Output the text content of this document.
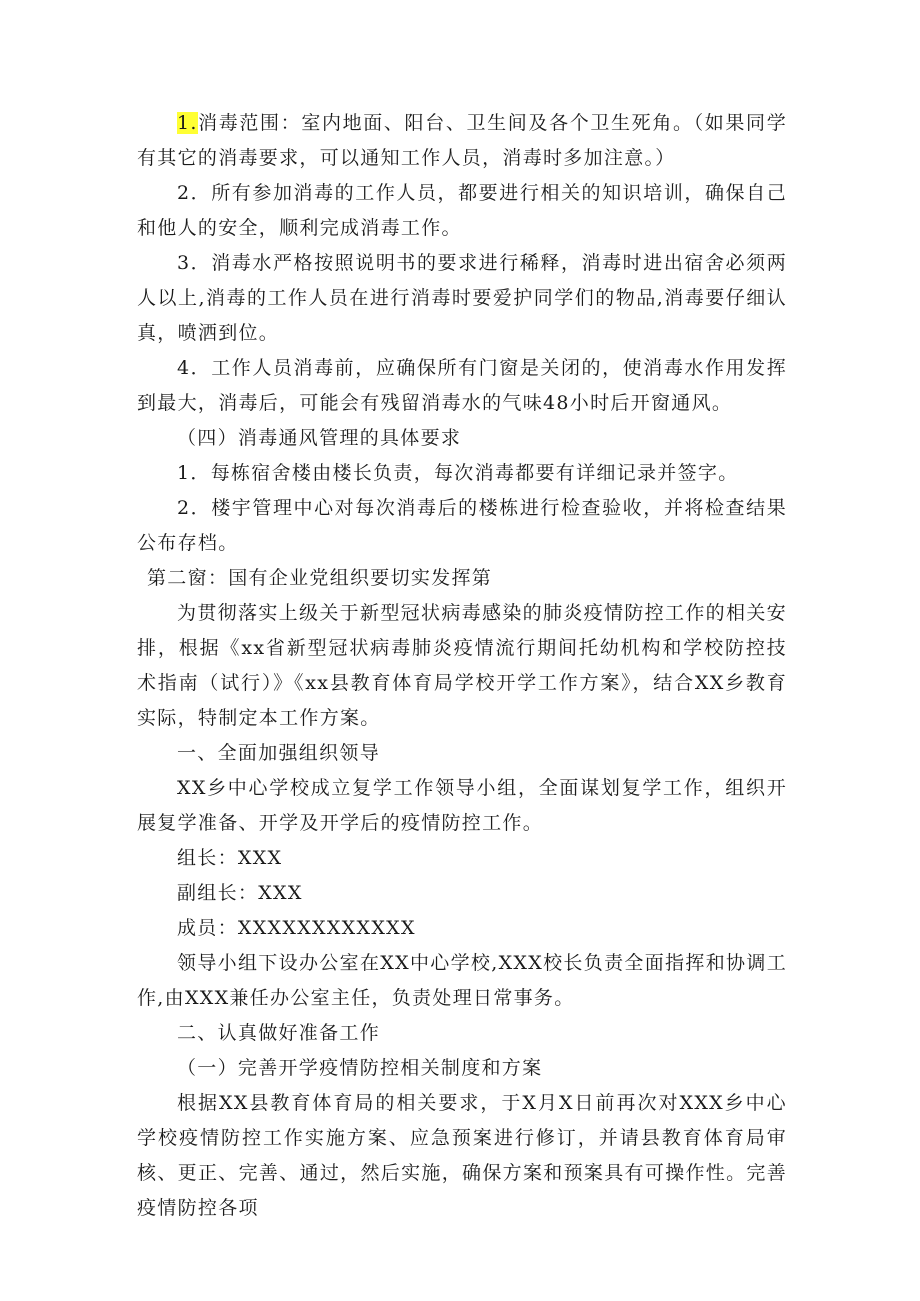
1.消毒范围：室内地面、阳台、卫生间及各个卫生死角。（如果同学有其它的消毒要求，可以通知工作人员，消毒时多加注意。）

2．所有参加消毒的工作人员，都要进行相关的知识培训，确保自己和他人的安全，顺利完成消毒工作。

3．消毒水严格按照说明书的要求进行稀释，消毒时进出宿舍必须两人以上,消毒的工作人员在进行消毒时要爱护同学们的物品,消毒要仔细认真，喷洒到位。

4．工作人员消毒前，应确保所有门窗是关闭的，使消毒水作用发挥到最大，消毒后，可能会有残留消毒水的气味48小时后开窗通风。

（四）消毒通风管理的具体要求

1．每栋宿舍楼由楼长负责，每次消毒都要有详细记录并签字。

2．楼宇管理中心对每次消毒后的楼栋进行检查验收，并将检查结果公布存档。

第二窗：国有企业党组织要切实发挥第

为贯彻落实上级关于新型冠状病毒感染的肺炎疫情防控工作的相关安排，根据《xx省新型冠状病毒肺炎疫情流行期间托幼机构和学校防控技术指南（试行）》《xx县教育体育局学校开学工作方案》，结合XX乡教育实际，特制定本工作方案。

一、全面加强组织领导

XX乡中心学校成立复学工作领导小组，全面谋划复学工作，组织开展复学准备、开学及开学后的疫情防控工作。

组长：XXX

副组长：XXX

成员：XXXXXXXXXXXX

领导小组下设办公室在XX中心学校,XXX校长负责全面指挥和协调工作,由XXX兼任办公室主任，负责处理日常事务。

二、认真做好准备工作

（一）完善开学疫情防控相关制度和方案

根据XX县教育体育局的相关要求，于X月X日前再次对XXX乡中心学校疫情防控工作实施方案、应急预案进行修订，并请县教育体育局审核、更正、完善、通过，然后实施，确保方案和预案具有可操作性。完善疫情防控各项
